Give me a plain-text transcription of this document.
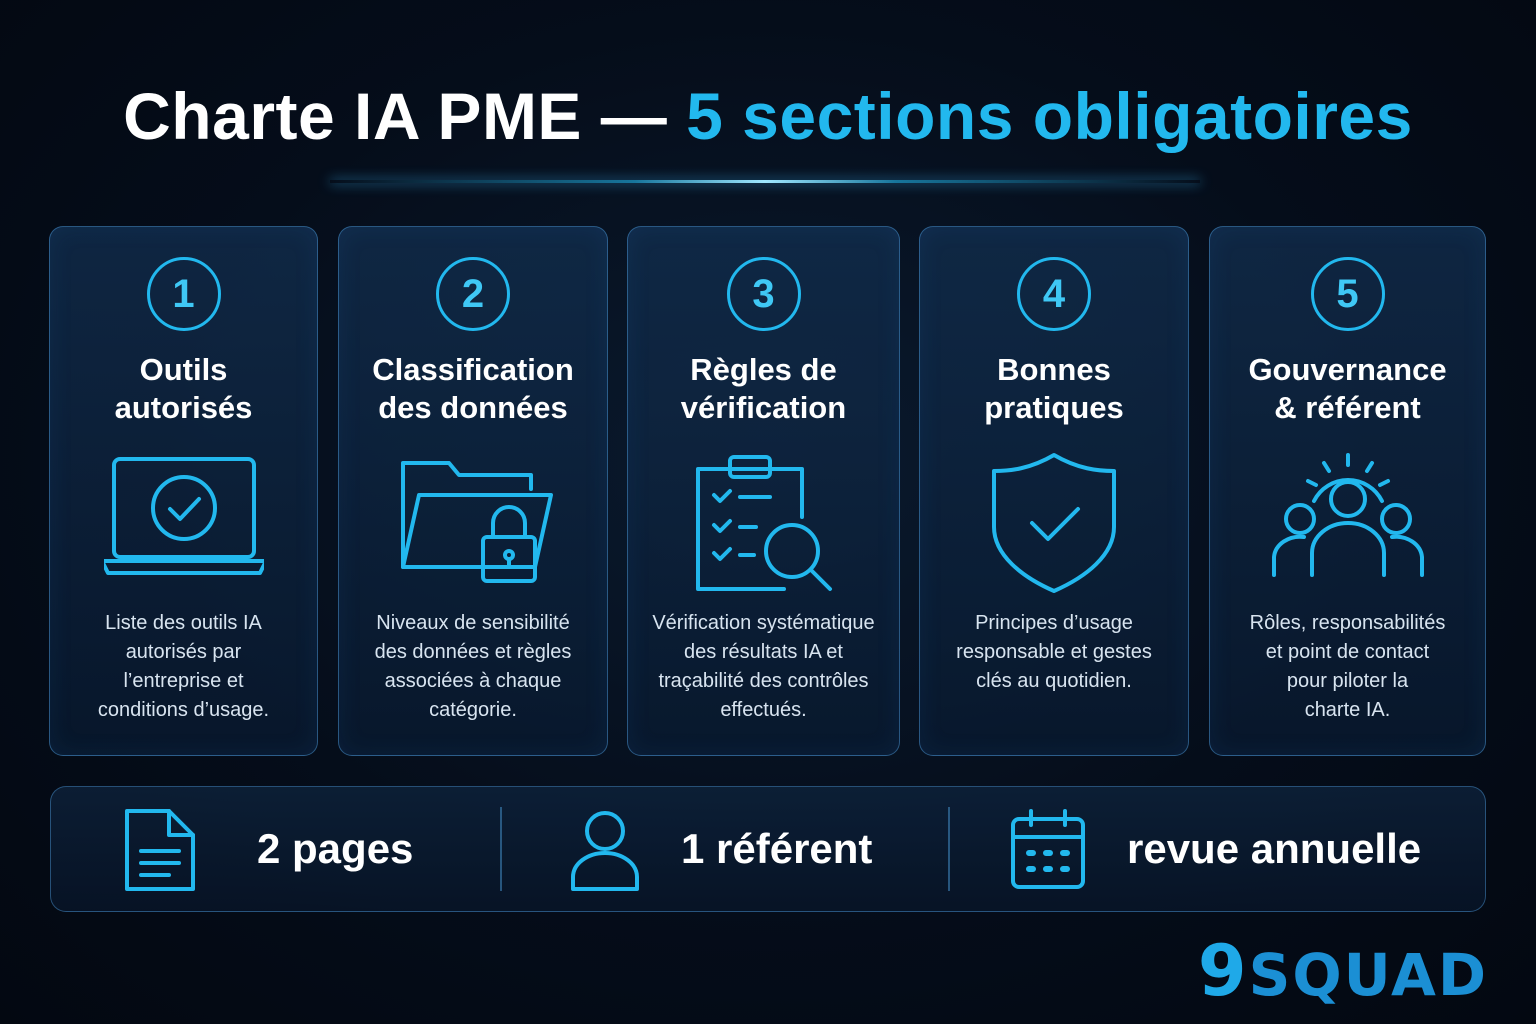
Charte IA PME — 5 sections obligatoires
1
Outils
autorisés
Liste des outils IA
autorisés par
l’entreprise et
conditions d’usage.
2
Classification
des données
Niveaux de sensibilité
des données et règles
associées à chaque
catégorie.
3
Règles de
vérification
Vérification systématique
des résultats IA et
traçabilité des contrôles
effectués.
4
Bonnes
pratiques
Principes d’usage
responsable et gestes
clés au quotidien.
5
Gouvernance
& référent
Rôles, responsabilités
et point de contact
pour piloter la
charte IA.
2 pages	1 référent	revue annuelle
9SQUAD
